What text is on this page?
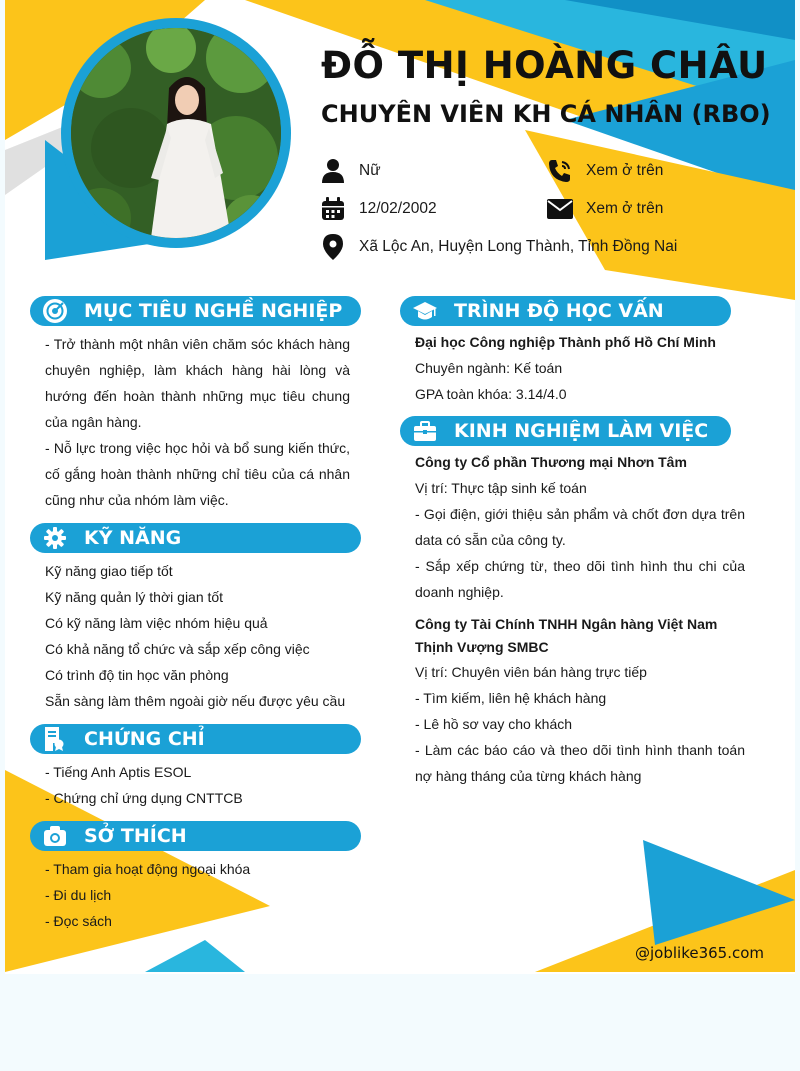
ĐỖ THỊ HOÀNG CHÂU
CHUYÊN VIÊN KH CÁ NHÂN (RBO)
Nữ	Xem ở trên
12/02/2002	Xem ở trên
Xã Lộc An, Huyện Long Thành, Tỉnh Đồng Nai
MỤC TIÊU NGHỀ NGHIỆP

- Trở thành một nhân viên chăm sóc khách hàng chuyên nghiệp, làm khách hàng hài lòng và hướng đến hoàn thành những mục tiêu chung của ngân hàng.

- Nỗ lực trong việc học hỏi và bổ sung kiến thức, cố gắng hoàn thành những chỉ tiêu của cá nhân cũng như của nhóm làm việc.

KỸ NĂNG

Kỹ năng giao tiếp tốt

Kỹ năng quản lý thời gian tốt

Có kỹ năng làm việc nhóm hiệu quả

Có khả năng tổ chức và sắp xếp công việc

Có trình độ tin học văn phòng

Sẵn sàng làm thêm ngoài giờ nếu được yêu cầu

CHỨNG CHỈ

- Tiếng Anh Aptis ESOL

- Chứng chỉ ứng dụng CNTTCB

SỞ THÍCH

- Tham gia hoạt động ngoại khóa

- Đi du lịch

- Đọc sách

TRÌNH ĐỘ HỌC VẤN

Đại học Công nghiệp Thành phố Hồ Chí Minh

Chuyên ngành: Kế toán

GPA toàn khóa: 3.14/4.0

KINH NGHIỆM LÀM VIỆC

Công ty Cổ phần Thương mại Nhơn Tâm

Vị trí: Thực tập sinh kế toán

- Gọi điện, giới thiệu sản phẩm và chốt đơn dựa trên data có sẵn của công ty.

- Sắp xếp chứng từ, theo dõi tình hình thu chi của doanh nghiệp.

Công ty Tài Chính TNHH Ngân hàng Việt Nam Thịnh Vượng SMBC

Vị trí: Chuyên viên bán hàng trực tiếp

- Tìm kiếm, liên hệ khách hàng

- Lê hồ sơ vay cho khách

- Làm các báo cáo và theo dõi tình hình thanh toán nợ hàng tháng của từng khách hàng

@joblike365.com
